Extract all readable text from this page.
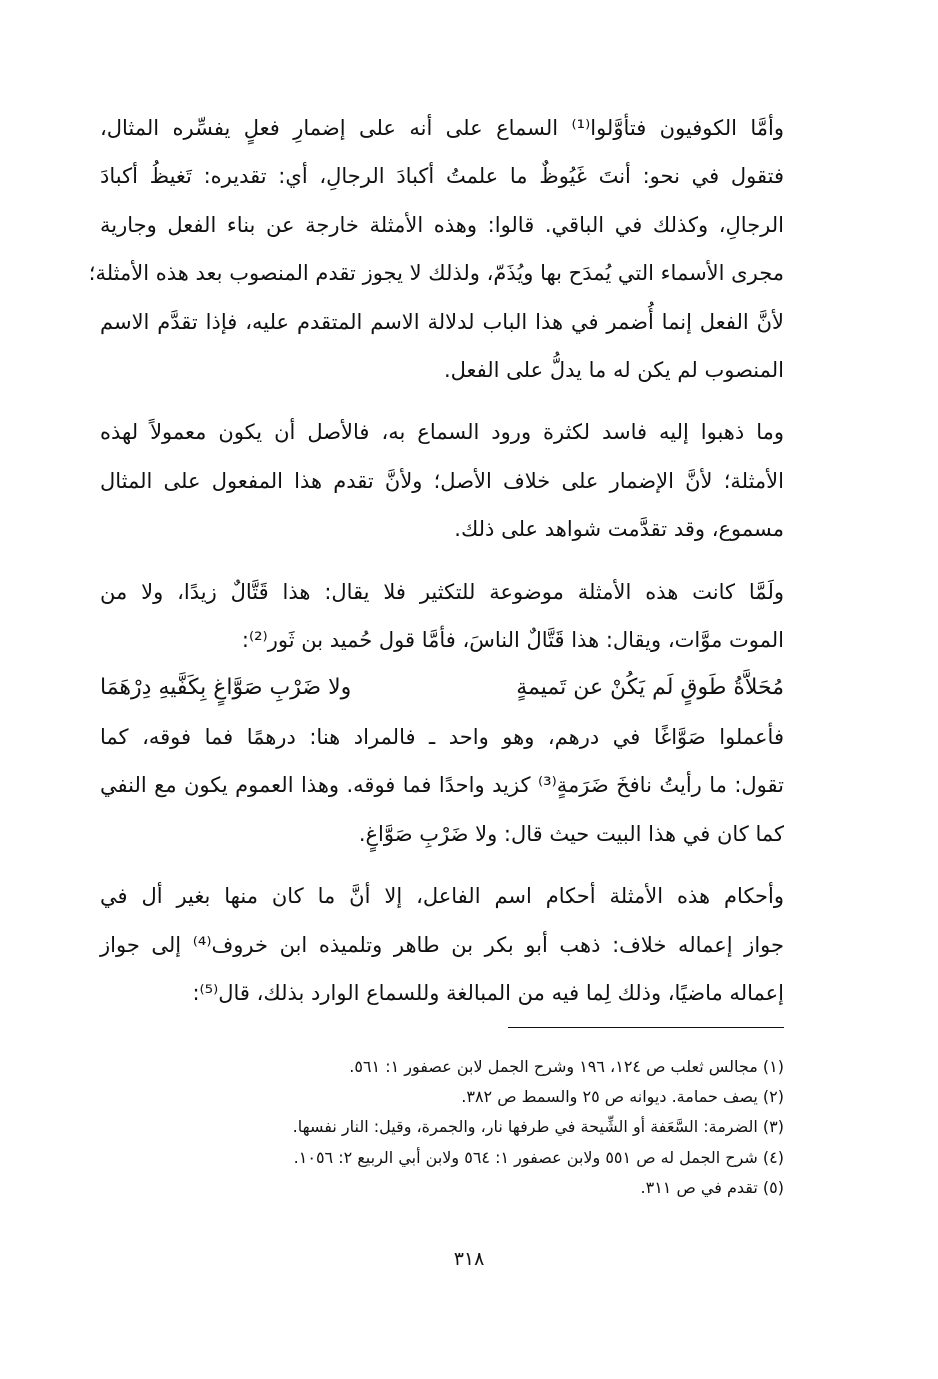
وأمَّا الكوفيون فتأوَّلوا⁽¹⁾ السماع على أنه على إضمارِ فعلٍ يفسِّره المثال،
فتقول في نحو: أنتَ غَيُوظٌ ما علمتُ أكبادَ الرجالِ، أي: تقديره: تَغيظُ أكبادَ
الرجالِ، وكذلك في الباقي. قالوا: وهذه الأمثلة خارجة عن بناء الفعل وجارية
مجرى الأسماء التي يُمدَح بها ويُذَمّ، ولذلك لا يجوز تقدم المنصوب بعد هذه الأمثلة؛
لأنَّ الفعل إنما أُضمر في هذا الباب لدلالة الاسم المتقدم عليه، فإذا تقدَّم الاسم
المنصوب لم يكن له ما يدلُّ على الفعل.

وما ذهبوا إليه فاسد لكثرة ورود السماع به، فالأصل أن يكون معمولاً لهذه
الأمثلة؛ لأنَّ الإضمار على خلاف الأصل؛ ولأنَّ تقدم هذا المفعول على المثال
مسموع، وقد تقدَّمت شواهد على ذلك.

ولَمَّا كانت هذه الأمثلة موضوعة للتكثير فلا يقال: هذا قَتَّالٌ زيدًا، ولا من
الموت موَّات، ويقال: هذا قَتَّالٌ الناسَ، فأمَّا قول حُميد بن ثَور⁽²⁾:

مُحَلاَّةُ طَوقٍ لَم يَكُنْ عن تَميمةٍ
ولا ضَرْبِ صَوَّاغٍ بِكَفَّيهِ دِرْهَمَا

فأعملوا صَوَّاغًا في درهم، وهو واحد ـ فالمراد هنا: درهمًا فما فوقه، كما
تقول: ما رأيتُ نافخَ ضَرَمةٍ⁽³⁾ كزيد واحدًا فما فوقه. وهذا العموم يكون مع النفي
كما كان في هذا البيت حيث قال: ولا ضَرْبِ صَوَّاغٍ.

وأحكام هذه الأمثلة أحكام اسم الفاعل، إلا أنَّ ما كان منها بغير أل في
جواز إعماله خلاف: ذهب أبو بكر بن طاهر وتلميذه ابن خروف⁽⁴⁾ إلى جواز
إعماله ماضيًا، وذلك لِما فيه من المبالغة وللسماع الوارد بذلك، قال⁽⁵⁾:

(١) مجالس ثعلب ص ١٢٤، ١٩٦ وشرح الجمل لابن عصفور ١: ٥٦١.
(٢) يصف حمامة. ديوانه ص ٢٥ والسمط ص ٣٨٢.
(٣) الضرمة: السَّعَفة أو الشِّيحة في طرفها نار، والجمرة، وقيل: النار نفسها.
(٤) شرح الجمل له ص ٥٥١ ولابن عصفور ١: ٥٦٤ ولابن أبي الربيع ٢: ١٠٥٦.
(٥) تقدم في ص ٣١١.
٣١٨
